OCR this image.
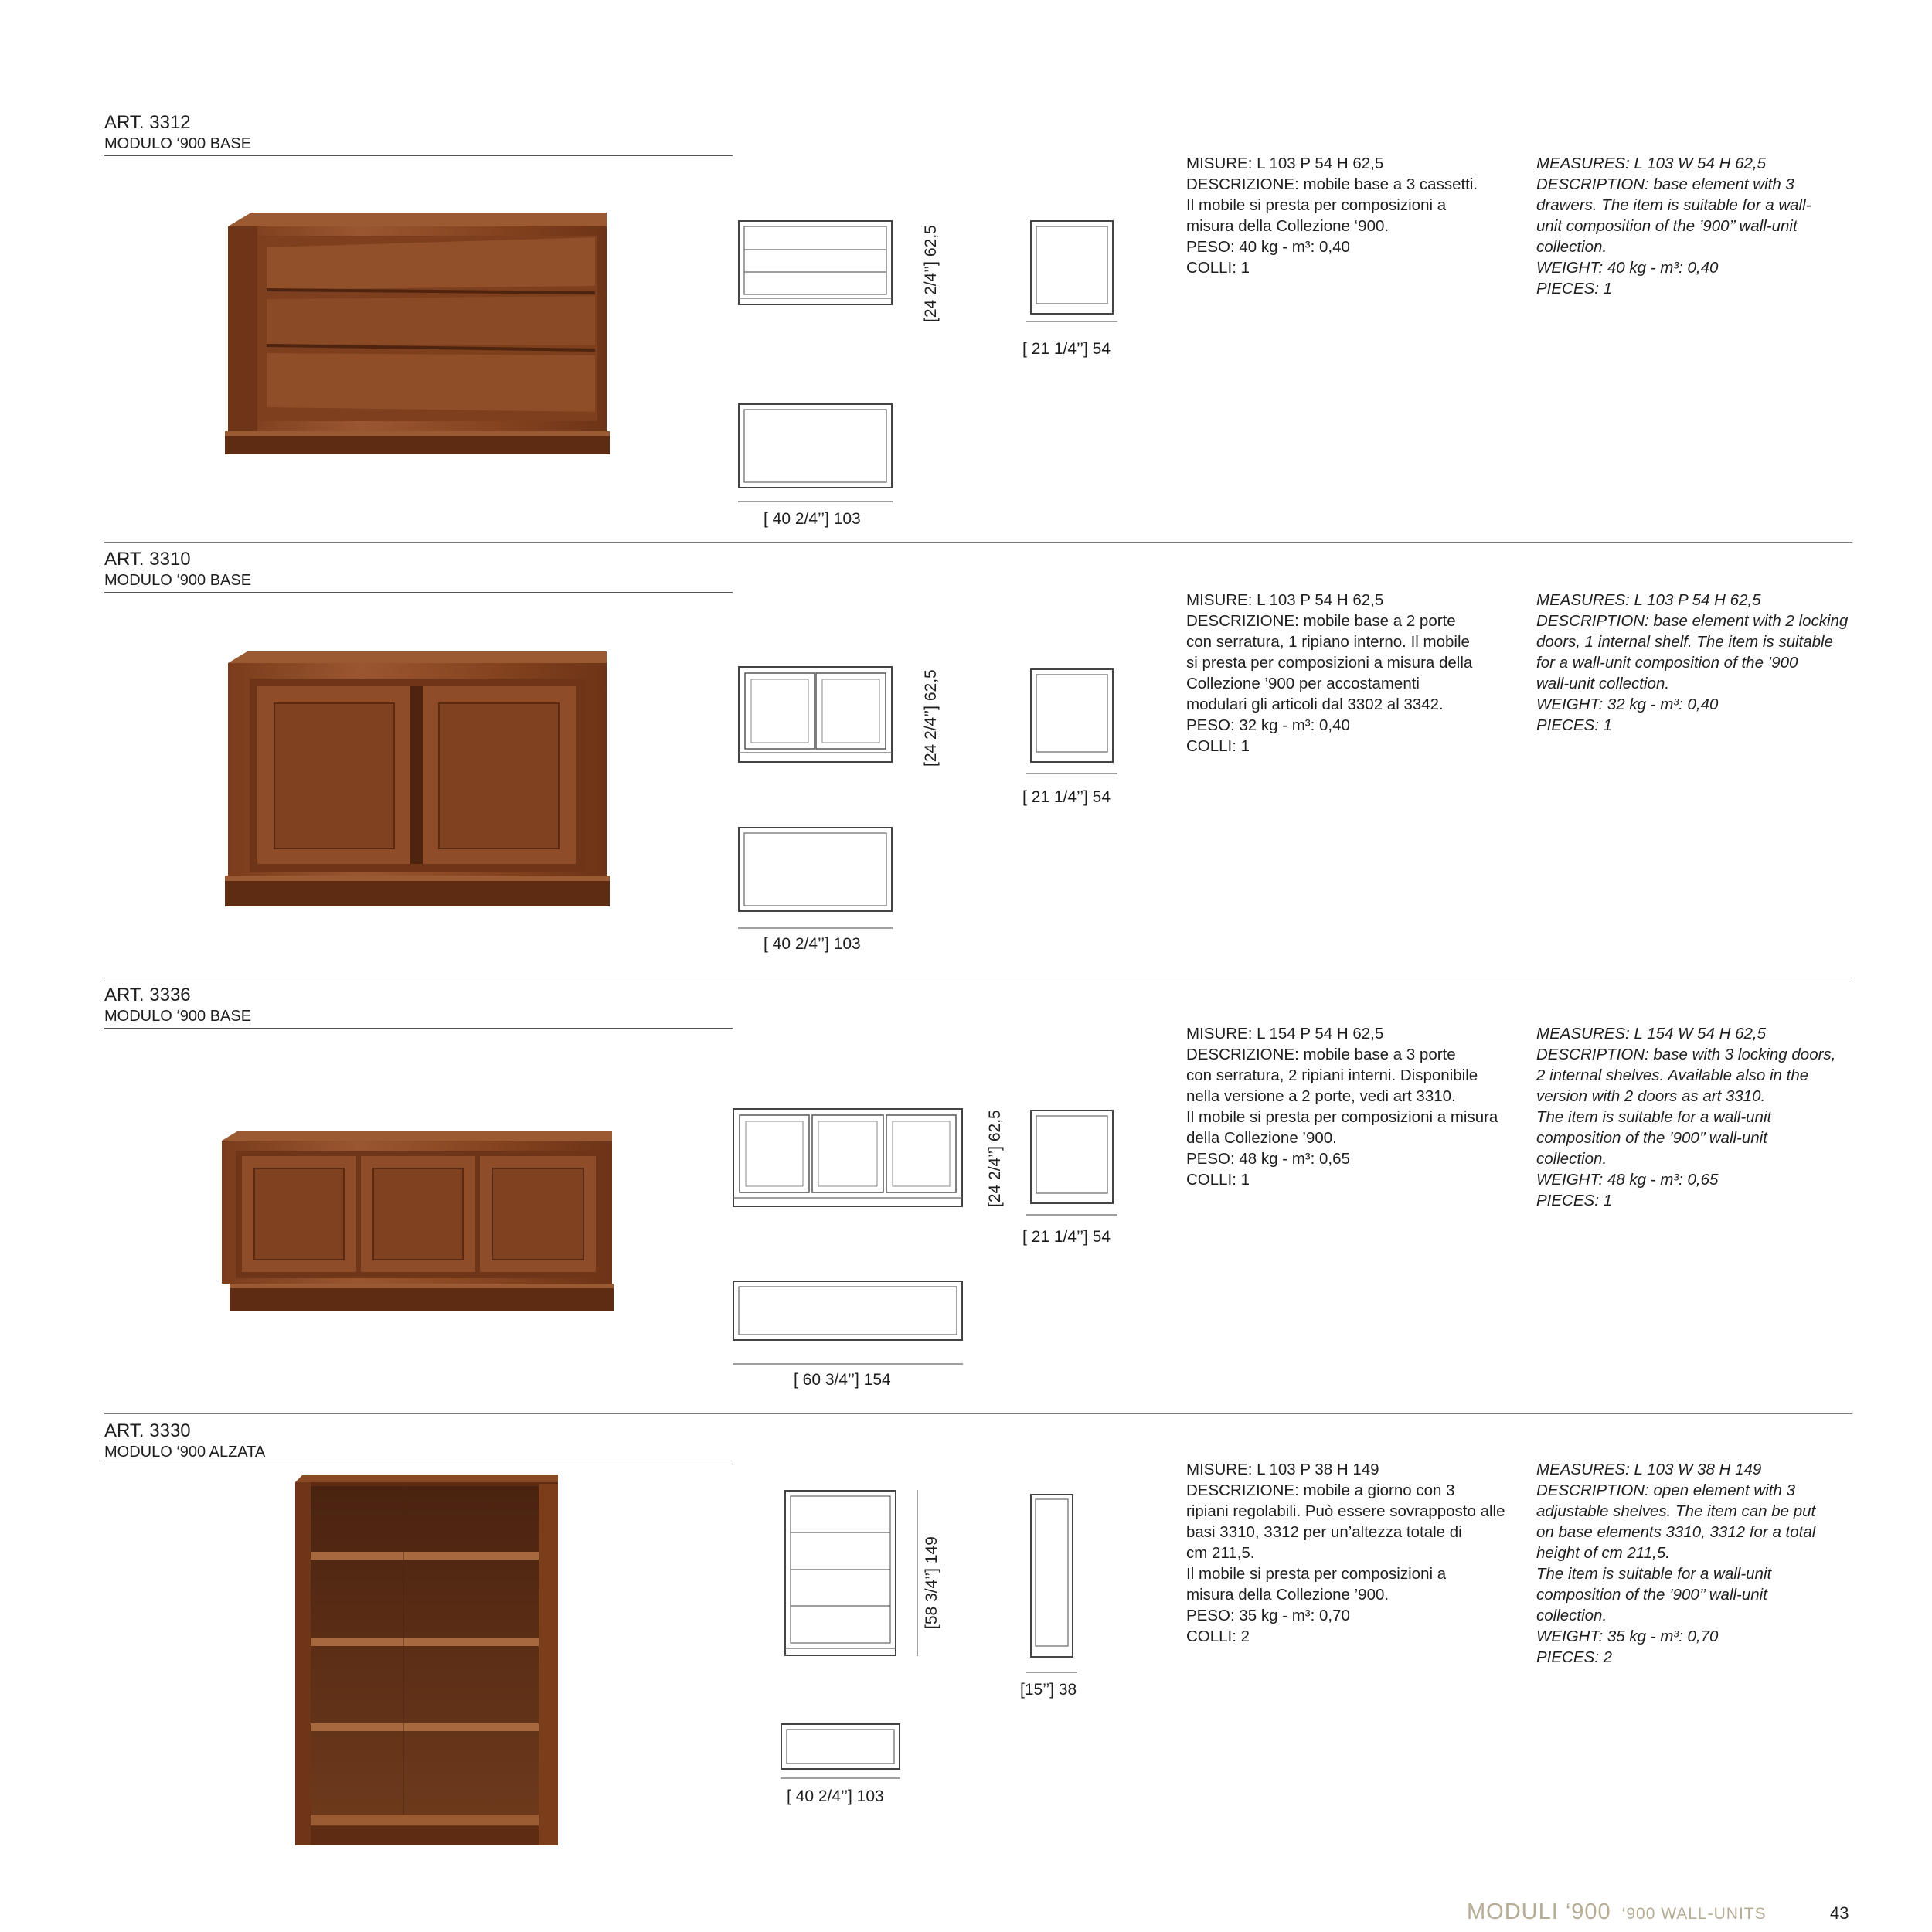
ART. 3312
MODULO ‘900 BASE
[24 2/4’’] 62,5
[ 21 1/4’’] 54
[ 40 2/4’’] 103
MISURE: L 103 P 54 H 62,5
DESCRIZIONE: mobile base a 3 cassetti.
Il mobile si presta per composizioni a
misura della Collezione ‘900.
PESO: 40 kg - m³: 0,40
COLLI: 1
MEASURES: L 103 W 54 H 62,5
DESCRIPTION: base element with 3
drawers. The item is suitable for a wall-
unit composition of the ’900’’ wall-unit
collection.
WEIGHT: 40 kg - m³: 0,40
PIECES: 1
ART. 3310
MODULO ‘900 BASE
[24 2/4’’] 62,5
[ 21 1/4’’] 54
[ 40 2/4’’] 103
MISURE: L 103 P 54 H 62,5
DESCRIZIONE: mobile base a 2 porte
con serratura, 1 ripiano interno. Il mobile
si presta per composizioni a misura della
Collezione ’900 per accostamenti
modulari gli articoli dal 3302 al 3342.
PESO: 32 kg - m³: 0,40
COLLI: 1
MEASURES: L 103 P 54 H 62,5
DESCRIPTION: base element with 2 locking
doors, 1 internal shelf. The item is suitable
for a wall-unit composition of the ’900
wall-unit collection.
WEIGHT: 32 kg - m³: 0,40
PIECES: 1
ART. 3336
MODULO ‘900 BASE
[24 2/4’’] 62,5
[ 21 1/4’’] 54
[ 60 3/4’’] 154
MISURE: L 154 P 54 H 62,5
DESCRIZIONE: mobile base a 3 porte
con serratura, 2 ripiani interni. Disponibile
nella versione a 2 porte, vedi art 3310.
Il mobile si presta per composizioni a misura
della Collezione ’900.
PESO: 48 kg - m³: 0,65
COLLI: 1
MEASURES: L 154 W 54 H 62,5
DESCRIPTION: base with 3 locking doors,
2 internal shelves. Available also in the
version with 2 doors as art 3310.
The item is suitable for a wall-unit
composition of the ’900’’ wall-unit
collection.
WEIGHT: 48 kg - m³: 0,65
PIECES: 1
ART. 3330
MODULO ‘900 ALZATA
[58 3/4’’] 149
[15’’] 38
[ 40 2/4’’] 103
MISURE: L 103 P 38 H 149
DESCRIZIONE: mobile a giorno con 3
ripiani regolabili. Può essere sovrapposto alle
basi 3310, 3312 per un’altezza totale di
cm 211,5.
Il mobile si presta per composizioni a
misura della Collezione ’900.
PESO: 35 kg - m³: 0,70
COLLI: 2
MEASURES: L 103 W 38 H 149
DESCRIPTION: open element with 3
adjustable shelves. The item can be put
on base elements 3310, 3312 for a total
height of cm 211,5.
The item is suitable for a wall-unit
composition of the ’900’’ wall-unit
collection.
WEIGHT: 35 kg - m³: 0,70
PIECES: 2
MODULI ‘900 ‘900 WALL-UNITS	43
